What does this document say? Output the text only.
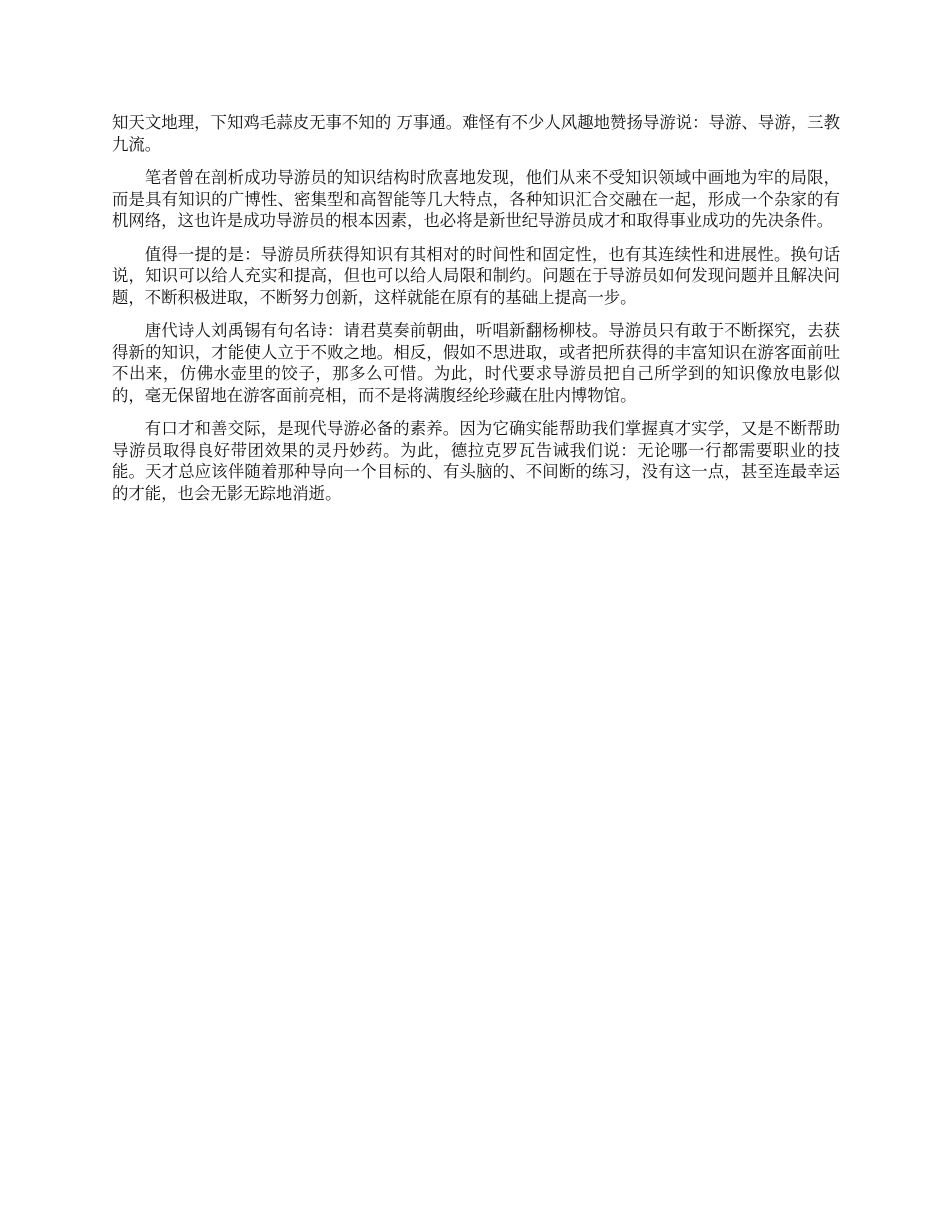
知天文地理，下知鸡毛蒜皮无事不知的 万事通。难怪有不少人风趣地赞扬导游说：导游、导游，三教九流。

笔者曾在剖析成功导游员的知识结构时欣喜地发现，他们从来不受知识领域中画地为牢的局限，而是具有知识的广博性、密集型和高智能等几大特点，各种知识汇合交融在一起，形成一个杂家的有机网络，这也许是成功导游员的根本因素，也必将是新世纪导游员成才和取得事业成功的先决条件。

值得一提的是：导游员所获得知识有其相对的时间性和固定性，也有其连续性和进展性。换句话说，知识可以给人充实和提高，但也可以给人局限和制约。问题在于导游员如何发现问题并且解决问题，不断积极进取，不断努力创新，这样就能在原有的基础上提高一步。

唐代诗人刘禹锡有句名诗：请君莫奏前朝曲，听唱新翻杨柳枝。导游员只有敢于不断探究，去获得新的知识，才能使人立于不败之地。相反，假如不思进取，或者把所获得的丰富知识在游客面前吐不出来，仿佛水壶里的饺子，那多么可惜。为此，时代要求导游员把自己所学到的知识像放电影似的，毫无保留地在游客面前亮相，而不是将满腹经纶珍藏在肚内博物馆。

有口才和善交际，是现代导游必备的素养。因为它确实能帮助我们掌握真才实学，又是不断帮助导游员取得良好带团效果的灵丹妙药。为此，德拉克罗瓦告诫我们说：无论哪一行都需要职业的技能。天才总应该伴随着那种导向一个目标的、有头脑的、不间断的练习，没有这一点，甚至连最幸运的才能，也会无影无踪地消逝。
